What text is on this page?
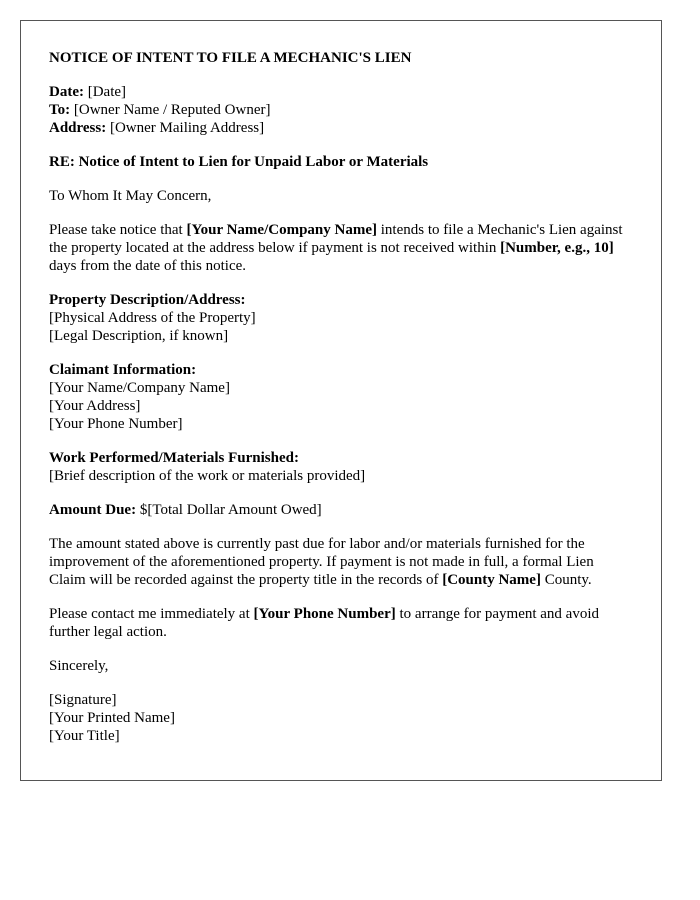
NOTICE OF INTENT TO FILE A MECHANIC'S LIEN

Date: [Date]
To: [Owner Name / Reputed Owner]
Address: [Owner Mailing Address]

RE: Notice of Intent to Lien for Unpaid Labor or Materials

To Whom It May Concern,

Please take notice that [Your Name/Company Name] intends to file a Mechanic's Lien against the property located at the address below if payment is not received within [Number, e.g., 10] days from the date of this notice.

Property Description/Address:
[Physical Address of the Property]
[Legal Description, if known]

Claimant Information:
[Your Name/Company Name]
[Your Address]
[Your Phone Number]

Work Performed/Materials Furnished:
[Brief description of the work or materials provided]

Amount Due: $[Total Dollar Amount Owed]

The amount stated above is currently past due for labor and/or materials furnished for the improvement of the aforementioned property. If payment is not made in full, a formal Lien Claim will be recorded against the property title in the records of [County Name] County.

Please contact me immediately at [Your Phone Number] to arrange for payment and avoid further legal action.

Sincerely,

[Signature]
[Your Printed Name]
[Your Title]
